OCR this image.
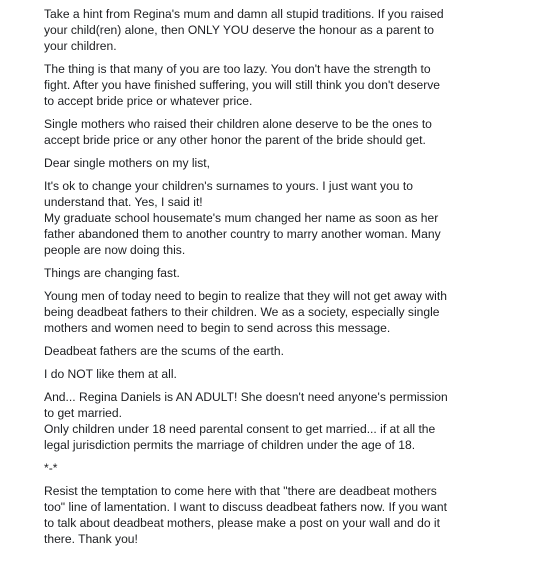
Take a hint from Regina's mum and damn all stupid traditions. If you raised
your child(ren) alone, then ONLY YOU deserve the honour as a parent to
your children.
The thing is that many of you are too lazy. You don't have the strength to
fight. After you have finished suffering, you will still think you don't deserve
to accept bride price or whatever price.
Single mothers who raised their children alone deserve to be the ones to
accept bride price or any other honor the parent of the bride should get.
Dear single mothers on my list,
It's ok to change your children's surnames to yours. I just want you to
understand that. Yes, I said it!
My graduate school housemate's mum changed her name as soon as her
father abandoned them to another country to marry another woman. Many
people are now doing this.
Things are changing fast.
Young men of today need to begin to realize that they will not get away with
being deadbeat fathers to their children. We as a society, especially single
mothers and women need to begin to send across this message.
Deadbeat fathers are the scums of the earth.
I do NOT like them at all.
And... Regina Daniels is AN ADULT! She doesn't need anyone's permission
to get married.
Only children under 18 need parental consent to get married... if at all the
legal jurisdiction permits the marriage of children under the age of 18.
*-*
Resist the temptation to come here with that "there are deadbeat mothers
too" line of lamentation. I want to discuss deadbeat fathers now. If you want
to talk about deadbeat mothers, please make a post on your wall and do it
there. Thank you!
